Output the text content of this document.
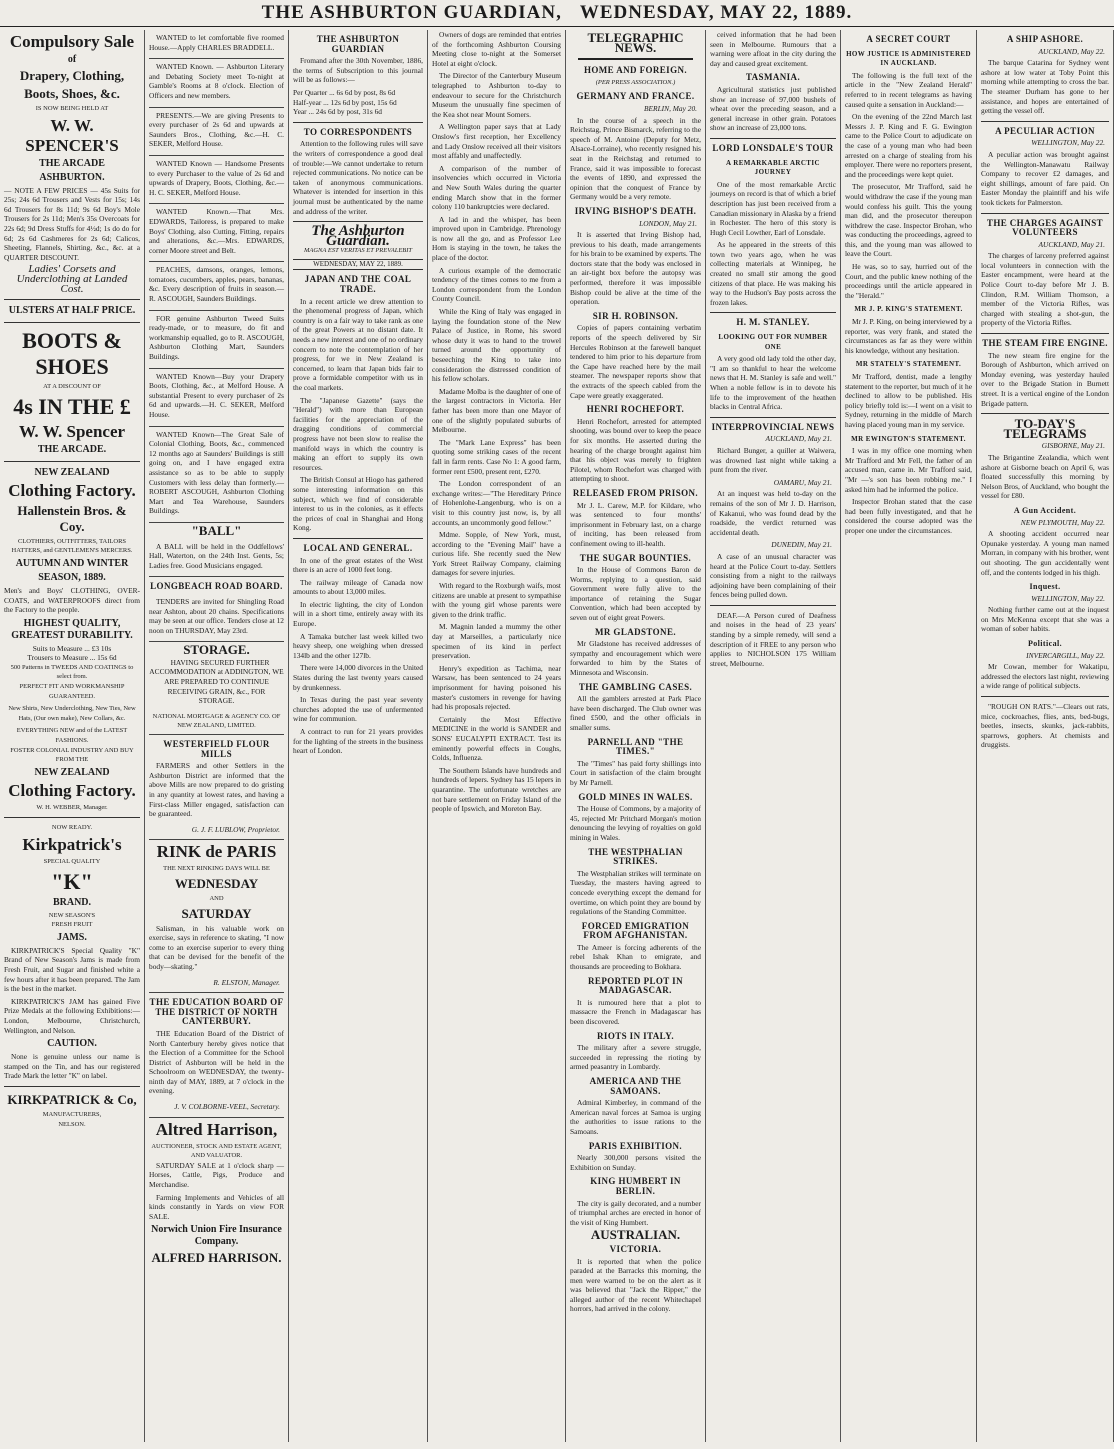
THE ASHBURTON GUARDIAN, WEDNESDAY, MAY 22, 1889.
Compulsory Sale
of
Drapery, Clothing,
Boots, Shoes, &c.
IS NOW BEING HELD AT
W. W. SPENCER'S
THE ARCADE
ASHBURTON.
— NOTE A FEW PRICES — 45s Suits for 25s; 24s 6d Trousers and Vests for 15s; 14s 6d Trousers for 8s 11d; 9s 6d Boy's Mole Trousers for 2s 11d; Men's 35s Overcoats for 22s 6d; 9d Dress Stuffs for 4½d; 1s do do for 6d; 2s 6d Cashmeres for 2s 6d; Calicos, Sheeting, Flannels, Shirting, &c., &c. at a QUARTER DISCOUNT.
Ladies' Corsets and Underclothing at Landed Cost.
ULSTERS AT HALF PRICE.
BOOTS & SHOES
AT A DISCOUNT OF
4s IN THE £
W. W. Spencer
THE ARCADE.
NEW ZEALAND
Clothing Factory.
Hallenstein Bros. & Coy.
CLOTHIERS, OUTFITTERS, TAILORS HATTERS, and GENTLEMEN'S MERCERS.
AUTUMN AND WINTER
SEASON, 1889.
Men's and Boys' CLOTHING, OVER-COATS, and WATERPROOFS direct from the Factory to the people.
HIGHEST QUALITY, GREATEST DURABILITY.
Suits to Measure ... £3 10s
Trousers to Measure ... 15s 6d
500 Patterns in TWEEDS AND COATINGS to select from.
PERFECT FIT AND WORKMANSHIP GUARANTEED.
New Shirts, New Underclothing, New Ties, New Hats, (Our own make), New Collars, &c.
EVERYTHING NEW and of the LATEST FASHIONS.
FOSTER COLONIAL INDUSTRY AND BUY FROM THE
NEW ZEALAND
Clothing Factory.
W. H. WEBBER, Manager.
NOW READY.
Kirkpatrick's
SPECIAL QUALITY
"K"
BRAND.
NEW SEASON'S
FRESH FRUIT
JAMS.
KIRKPATRICK'S Special Quality "K" Brand of New Season's Jams is made from Fresh Fruit, and Sugar and finished white a few hours after it has been prepared. The Jam is the best in the market.
KIRKPATRICK'S JAM has gained Five Prize Medals at the following Exhibitions:—London, Melbourne, Christchurch, Wellington, and Nelson.
CAUTION.
None is genuine unless our name is stamped on the Tin, and has our registered Trade Mark the letter "K" on label.
KIRKPATRICK & Co,
MANUFACTURERS,
NELSON.
WANTED to let comfortable five roomed House.—Apply CHARLES BRADDELL.
WANTED Known. — Ashburton Literary and Debating Society meet To-night at Gamble's Rooms at 8 o'clock. Election of Officers and new members.
PRESENTS.—We are giving Presents to every purchaser of 2s 6d and upwards at Saunders Bros., Clothing, &c.—H. C. SEKER, Melford House.
WANTED Known — Handsome Presents to every Purchaser to the value of 2s 6d and upwards of Drapery, Boots, Clothing, &c.—H. C. SEKER, Melford House.
WANTED Known.—That Mrs. EDWARDS, Tailoress, is prepared to make Boys' Clothing, also Cutting, Fitting, repairs and alterations, &c.—Mrs. EDWARDS, corner Moore street and Belt.
PEACHES, damsons, oranges, lemons, tomatoes, cucumbers, apples, pears, bananas, &c. Every description of fruits in season.—R. ASCOUGH, Saunders Buildings.
FOR genuine Ashburton Tweed Suits ready-made, or to measure, do fit and workmanship equalled, go to R. ASCOUGH, Ashburton Clothing Mart, Saunders Buildings.
WANTED Known—Buy your Drapery Boots, Clothing, &c., at Melford House. A substantial Present to every purchaser of 2s 6d and upwards.—H. C. SEKER, Melford House.
WANTED Known—The Great Sale of Colonial Clothing, Boots, &c., commenced 12 months ago at Saunders' Buildings is still going on, and I have engaged extra assistance so as to be able to supply Customers with less delay than formerly.—ROBERT ASCOUGH, Ashburton Clothing Mart and Tea Warehouse, Saunders Buildings.
"BALL"
A BALL will be held in the Oddfellows' Hall, Waterton, on the 24th Inst. Gents, 5s; Ladies free. Good Musicians engaged.
LONGBEACH ROAD BOARD.
TENDERS are invited for Shingling Road near Ashton, about 20 chains. Specifications may be seen at our office. Tenders close at 12 noon on THURSDAY, May 23rd.
STORAGE.
HAVING SECURED FURTHER ACCOMMODATION at ADDINGTON, WE ARE PREPARED TO CONTINUE RECEIVING GRAIN, &c., FOR STORAGE.
NATIONAL MORTGAGE & AGENCY CO. OF NEW ZEALAND, LIMITED.
WESTERFIELD FLOUR MILLS
FARMERS and other Settlers in the Ashburton District are informed that the above Mills are now prepared to do gristing in any quantity at lowest rates, and having a First-class Miller engaged, satisfaction can be guaranteed.
G. J. F. LUBLOW, Proprietor.
RINK de PARIS
THE NEXT RINKING DAYS WILL BE
WEDNESDAY
AND
SATURDAY
Salisman, in his valuable work on exercise, says in reference to skating, "I now come to an exercise superior to every thing that can be devised for the benefit of the body—skating."
R. ELSTON, Manager.
THE EDUCATION BOARD OF THE DISTRICT OF NORTH CANTERBURY.
THE Education Board of the District of North Canterbury hereby gives notice that the Election of a Committee for the School District of Ashburton will be held in the Schoolroom on WEDNESDAY, the twenty-ninth day of MAY, 1889, at 7 o'clock in the evening.
J. V. COLBORNE-VEEL, Secretary.
Altred Harrison,
AUCTIONEER, STOCK AND ESTATE AGENT, AND VALUATOR.
SATURDAY SALE at 1 o'clock sharp —Horses, Cattle, Pigs, Produce and Merchandise.
Farming Implements and Vehicles of all kinds constantly in Yards on view FOR SALE.
Norwich Union Fire Insurance Company.
ALFRED HARRISON.
THE ASHBURTON GUARDIAN
Fromand after the 30th November, 1886, the terms of Subscription to this journal will be as follows:—
Per Quarter ... 6s 6d by post, 8s 6d
Half-year ... 12s 6d by post, 15s 6d
Year ... 24s 6d by post, 31s 6d
TO CORRESPONDENTS
Attention to the following rules will save the writers of correspondence a good deal of trouble:—We cannot undertake to return rejected communications. No notice can be taken of anonymous communications. Whatever is intended for insertion in this journal must be authenticated by the name and address of the writer.
The Ashburton Guardian.
MAGNA EST VERITAS ET PREVALEBIT
WEDNESDAY, MAY 22, 1889.
JAPAN AND THE COAL TRADE.
In a recent article we drew attention to the phenomenal progress of Japan, which country is on a fair way to take rank as one of the great Powers at no distant date. It needs a new interest and one of no ordinary concern to note the contemplation of her progress, for we in New Zealand is concerned, to learn that Japan bids fair to prove a formidable competitor with us in the coal markets.
The "Japanese Gazette" (says the "Herald") with more than European facilities for the appreciation of the dragging conditions of commercial progress have not been slow to realise the manifold ways in which the country is making an effort to supply its own resources.
The British Consul at Hiogo has gathered some interesting information on this subject, which we find of considerable interest to us in the colonies, as it effects the prices of coal in Shanghai and Hong Kong.
LOCAL AND GENERAL.
In one of the great estates of the West there is an acre of 1000 feet long.
The railway mileage of Canada now amounts to about 13,000 miles.
In electric lighting, the city of London will in a short time, entirely away with its Europe.
A Tamaka butcher last week killed two heavy sheep, one weighing when dressed 134lb and the other 127lb.
There were 14,000 divorces in the United States during the last twenty years caused by drunkenness.
In Texas during the past year seventy churches adopted the use of unfermented wine for communion.
A contract to run for 21 years provides for the lighting of the streets in the business heart of London.
Owners of dogs are reminded that entries of the forthcoming Ashburton Coursing Meeting close to-night at the Somerset Hotel at eight o'clock.
The Director of the Canterbury Museum telegraphed to Ashburton to-day to endeavour to secure for the Christchurch Museum the unusually fine specimen of the Kea shot near Mount Somers.
A Wellington paper says that at Lady Onslow's first reception, her Excellency and Lady Onslow received all their visitors most affably and unaffectedly.
A comparison of the number of insolvencies which occurred in Victoria and New South Wales during the quarter ending March show that in the former colony 110 bankruptcies were declared.
A lad in and the whisper, has been improved upon in Cambridge. Phrenology is now all the go, and as Professor Lee Hom is staying in the town, he takes the place of the doctor.
A curious example of the democratic tendency of the times comes to me from a London correspondent from the London County Council.
While the King of Italy was engaged in laying the foundation stone of the New Palace of Justice, in Rome, his sword whose duty it was to hand to the trowel turned around the opportunity of beseeching the King to take into consideration the distressed condition of his fellow scholars.
Madame Molba is the daughter of one of the largest contractors in Victoria. Her father has been more than one Mayor of one of the slightly populated suburbs of Melbourne.
The "Mark Lane Express" has been quoting some striking cases of the recent fall in farm rents. Case No 1: A good farm, former rent £500, present rent, £270.
The London correspondent of an exchange writes:—"The Hereditary Prince of Hohenlohe-Langenburg, who is on a visit to this country just now, is, by all accounts, an uncommonly good fellow."
Mdme. Sopple, of New York, must, according to the "Evening Mail" have a curious life. She recently sued the New York Street Railway Company, claiming damages for severe injuries.
With regard to the Roxburgh waifs, most citizens are unable at present to sympathise with the young girl whose parents were given to the drink traffic.
M. Magnin landed a mummy the other day at Marseilles, a particularly nice specimen of its kind in perfect preservation.
Henry's expedition as Tachima, near Warsaw, has been sentenced to 24 years imprisonment for having poisoned his master's customers in revenge for having had his proposals rejected.
Certainly the Most Effective MEDICINE in the world is SANDER and SONS' EUCALYPTI EXTRACT. Test its eminently powerful effects in Coughs, Colds, Influenza.
The Southern Islands have hundreds and hundreds of lepers. Sydney has 15 lepers in quarantine. The unfortunate wretches are not bare settlement on Friday Island of the people of Ipswich, and Moreton Bay.
TELEGRAPHIC NEWS.
HOME AND FOREIGN.
(PER PRESS ASSOCIATION.)
GERMANY AND FRANCE.
BERLIN, May 20.
In the course of a speech in the Reichstag, Prince Bismarck, referring to the speech of M. Antoine (Deputy for Metz, Alsace-Lorraine), who recently resigned his seat in the Reichstag and returned to France, said it was impossible to forecast the events of 1890, and expressed the opinion that the conquest of France by Germany would be a very remote.
IRVING BISHOP'S DEATH.
LONDON, May 21.
It is asserted that Irving Bishop had, previous to his death, made arrangements for his brain to be examined by experts. The doctors state that the body was enclosed in an air-tight box before the autopsy was performed, therefore it was impossible Bishop could be alive at the time of the operation.
SIR H. ROBINSON.
Copies of papers containing verbatim reports of the speech delivered by Sir Hercules Robinson at the farewell banquet tendered to him prior to his departure from the Cape have reached here by the mail steamer. The newspaper reports show that the extracts of the speech cabled from the Cape were greatly exaggerated.
HENRI ROCHEFORT.
Henri Rochefort, arrested for attempted shooting, was bound over to keep the peace for six months. He asserted during the hearing of the charge brought against him that his object was merely to frighten Pilotel, whom Rochefort was charged with attempting to shoot.
RELEASED FROM PRISON.
Mr J. L. Carew, M.P. for Kildare, who was sentenced to four months' imprisonment in February last, on a charge of inciting, has been released from confinement owing to ill-health.
THE SUGAR BOUNTIES.
In the House of Commons Baron de Worms, replying to a question, said Government were fully alive to the importance of retaining the Sugar Convention, which had been accepted by seven out of eight great Powers.
MR GLADSTONE.
Mr Gladstone has received addresses of sympathy and encouragement which were forwarded to him by the States of Minnesota and Wisconsin.
THE GAMBLING CASES.
All the gamblers arrested at Park Place have been discharged. The Club owner was fined £500, and the other officials in smaller sums.
PARNELL AND "THE TIMES."
The "Times" has paid forty shillings into Court in satisfaction of the claim brought by Mr Parnell.
GOLD MINES IN WALES.
The House of Commons, by a majority of 45, rejected Mr Pritchard Morgan's motion denouncing the levying of royalties on gold mining in Wales.
THE WESTPHALIAN STRIKES.
The Westphalian strikes will terminate on Tuesday, the masters having agreed to concede everything except the demand for overtime, on which point they are bound by regulations of the Standing Committee.
FORCED EMIGRATION FROM AFGHANISTAN.
The Ameer is forcing adherents of the rebel Ishak Khan to emigrate, and thousands are proceeding to Bokhara.
REPORTED PLOT IN MADAGASCAR.
It is rumoured here that a plot to massacre the French in Madagascar has been discovered.
RIOTS IN ITALY.
The military after a severe struggle, succeeded in repressing the rioting by armed peasantry in Lombardy.
AMERICA AND THE SAMOANS.
Admiral Kimberley, in command of the American naval forces at Samoa is urging the authorities to issue rations to the Samoans.
PARIS EXHIBITION.
Nearly 300,000 persons visited the Exhibition on Sunday.
KING HUMBERT IN BERLIN.
The city is gaily decorated, and a number of triumphal arches are erected in honor of the visit of King Humbert.
AUSTRALIAN.
VICTORIA.
It is reported that when the police paraded at the Barracks this morning, the men were warned to be on the alert as it was believed that "Jack the Ripper," the alleged author of the recent Whitechapel horrors, had arrived in the colony.
ceived information that he had been seen in Melbourne. Rumours that a warning were afloat in the city during the day and caused great excitement.
TASMANIA.
Agricultural statistics just published show an increase of 97,000 bushels of wheat over the preceding season, and a general increase in other grain. Potatoes show an increase of 23,000 tons.
LORD LONSDALE'S TOUR
A REMARKABLE ARCTIC JOURNEY
One of the most remarkable Arctic journeys on record is that of which a brief description has just been received from a Canadian missionary in Alaska by a friend in Rochester. The hero of this story is Hugh Cecil Lowther, Earl of Lonsdale.
As he appeared in the streets of this town two years ago, when he was collecting materials at Winnipeg, he created no small stir among the good citizens of that place. He was making his way to the Hudson's Bay posts across the frozen lakes.
H. M. STANLEY.
LOOKING OUT FOR NUMBER ONE
A very good old lady told the other day, "I am so thankful to hear the welcome news that H. M. Stanley is safe and well." When a noble fellow is in to devote his life to the improvement of the heathen blacks in Central Africa.
INTERPROVINCIAL NEWS
AUCKLAND, May 21.
Richard Bunger, a quiller at Waiwera, was drowned last night while taking a punt from the river.
OAMARU, May 21.
At an inquest was held to-day on the remains of the son of Mr J. D. Harrison, of Kakanui, who was found dead by the roadside, the verdict returned was accidental death.
DUNEDIN, May 21.
A case of an unusual character was heard at the Police Court to-day. Settlers consisting from a night to the railways adjoining have been complaining of their fences being pulled down.
DEAF.—A Person cured of Deafness and noises in the head of 23 years' standing by a simple remedy, will send a description of it FREE to any person who applies to NICHOLSON 175 William street, Melbourne.
A SECRET COURT
HOW JUSTICE IS ADMINISTERED IN AUCKLAND.
The following is the full text of the article in the "New Zealand Herald" referred to in recent telegrams as having caused quite a sensation in Auckland:—
On the evening of the 22nd March last Messrs J. P. King and F. G. Ewington came to the Police Court to adjudicate on the case of a young man who had been arrested on a charge of stealing from his employer. There were no reporters present, and the proceedings were kept quiet.
The prosecutor, Mr Trafford, said he would withdraw the case if the young man would confess his guilt. This the young man did, and the prosecutor thereupon withdrew the case. Inspector Brohan, who was conducting the proceedings, agreed to this, and the young man was allowed to leave the Court.
He was, so to say, hurried out of the Court, and the public knew nothing of the proceedings until the article appeared in the "Herald."
MR J. P. KING'S STATEMENT.
Mr J. P. King, on being interviewed by a reporter, was very frank, and stated the circumstances as far as they were within his knowledge, without any hesitation.
MR STATELY'S STATEMENT.
Mr Trafford, dentist, made a lengthy statement to the reporter, but much of it he declined to allow to be published. His policy briefly told is:—I went on a visit to Sydney, returning in the middle of March having placed young man in my service.
MR EWINGTON'S STATEMENT.
I was in my office one morning when Mr Trafford and Mr Fell, the father of an accused man, came in. Mr Trafford said, "Mr —'s son has been robbing me." I asked him had he informed the police.
Inspector Brohan stated that the case had been fully investigated, and that he considered the course adopted was the proper one under the circumstances.
A SHIP ASHORE.
AUCKLAND, May 22.
The barque Catarina for Sydney went ashore at low water at Toby Point this morning while attempting to cross the bar. The steamer Durham has gone to her assistance, and hopes are entertained of getting the vessel off.
A PECULIAR ACTION
WELLINGTON, May 22.
A peculiar action was brought against the Wellington-Manawatu Railway Company to recover £2 damages, and eight shillings, amount of fare paid. On Easter Monday the plaintiff and his wife took tickets for Palmerston.
THE CHARGES AGAINST VOLUNTEERS
AUCKLAND, May 21.
The charges of larceny preferred against local volunteers in connection with the Easter encampment, were heard at the Police Court to-day before Mr J. B. Clindon, R.M. William Thomson, a member of the Victoria Rifles, was charged with stealing a shot-gun, the property of the Victoria Rifles.
THE STEAM FIRE ENGINE.
The new steam fire engine for the Borough of Ashburton, which arrived on Monday evening, was yesterday hauled over to the Brigade Station in Burnett street. It is a vertical engine of the London Brigade pattern.
TO-DAY'S TELEGRAMS
GISBORNE, May 21.
The Brigantine Zealandia, which went ashore at Gisborne beach on April 6, was floated successfully this morning by Nelson Bros, of Auckland, who bought the vessel for £80.
A Gun Accident.
NEW PLYMOUTH, May 22.
A shooting accident occurred near Opunake yesterday. A young man named Morran, in company with his brother, went out shooting. The gun accidentally went off, and the contents lodged in his thigh.
Inquest.
WELLINGTON, May 22.
Nothing further came out at the inquest on Mrs McKenna except that she was a woman of sober habits.
Political.
INVERCARGILL, May 22.
Mr Cowan, member for Wakatipu, addressed the electors last night, reviewing a wide range of political subjects.
"ROUGH ON RATS."—Clears out rats, mice, cockroaches, flies, ants, bed-bugs, beetles, insects, skunks, jack-rabbits, sparrows, gophers. At chemists and druggists.
